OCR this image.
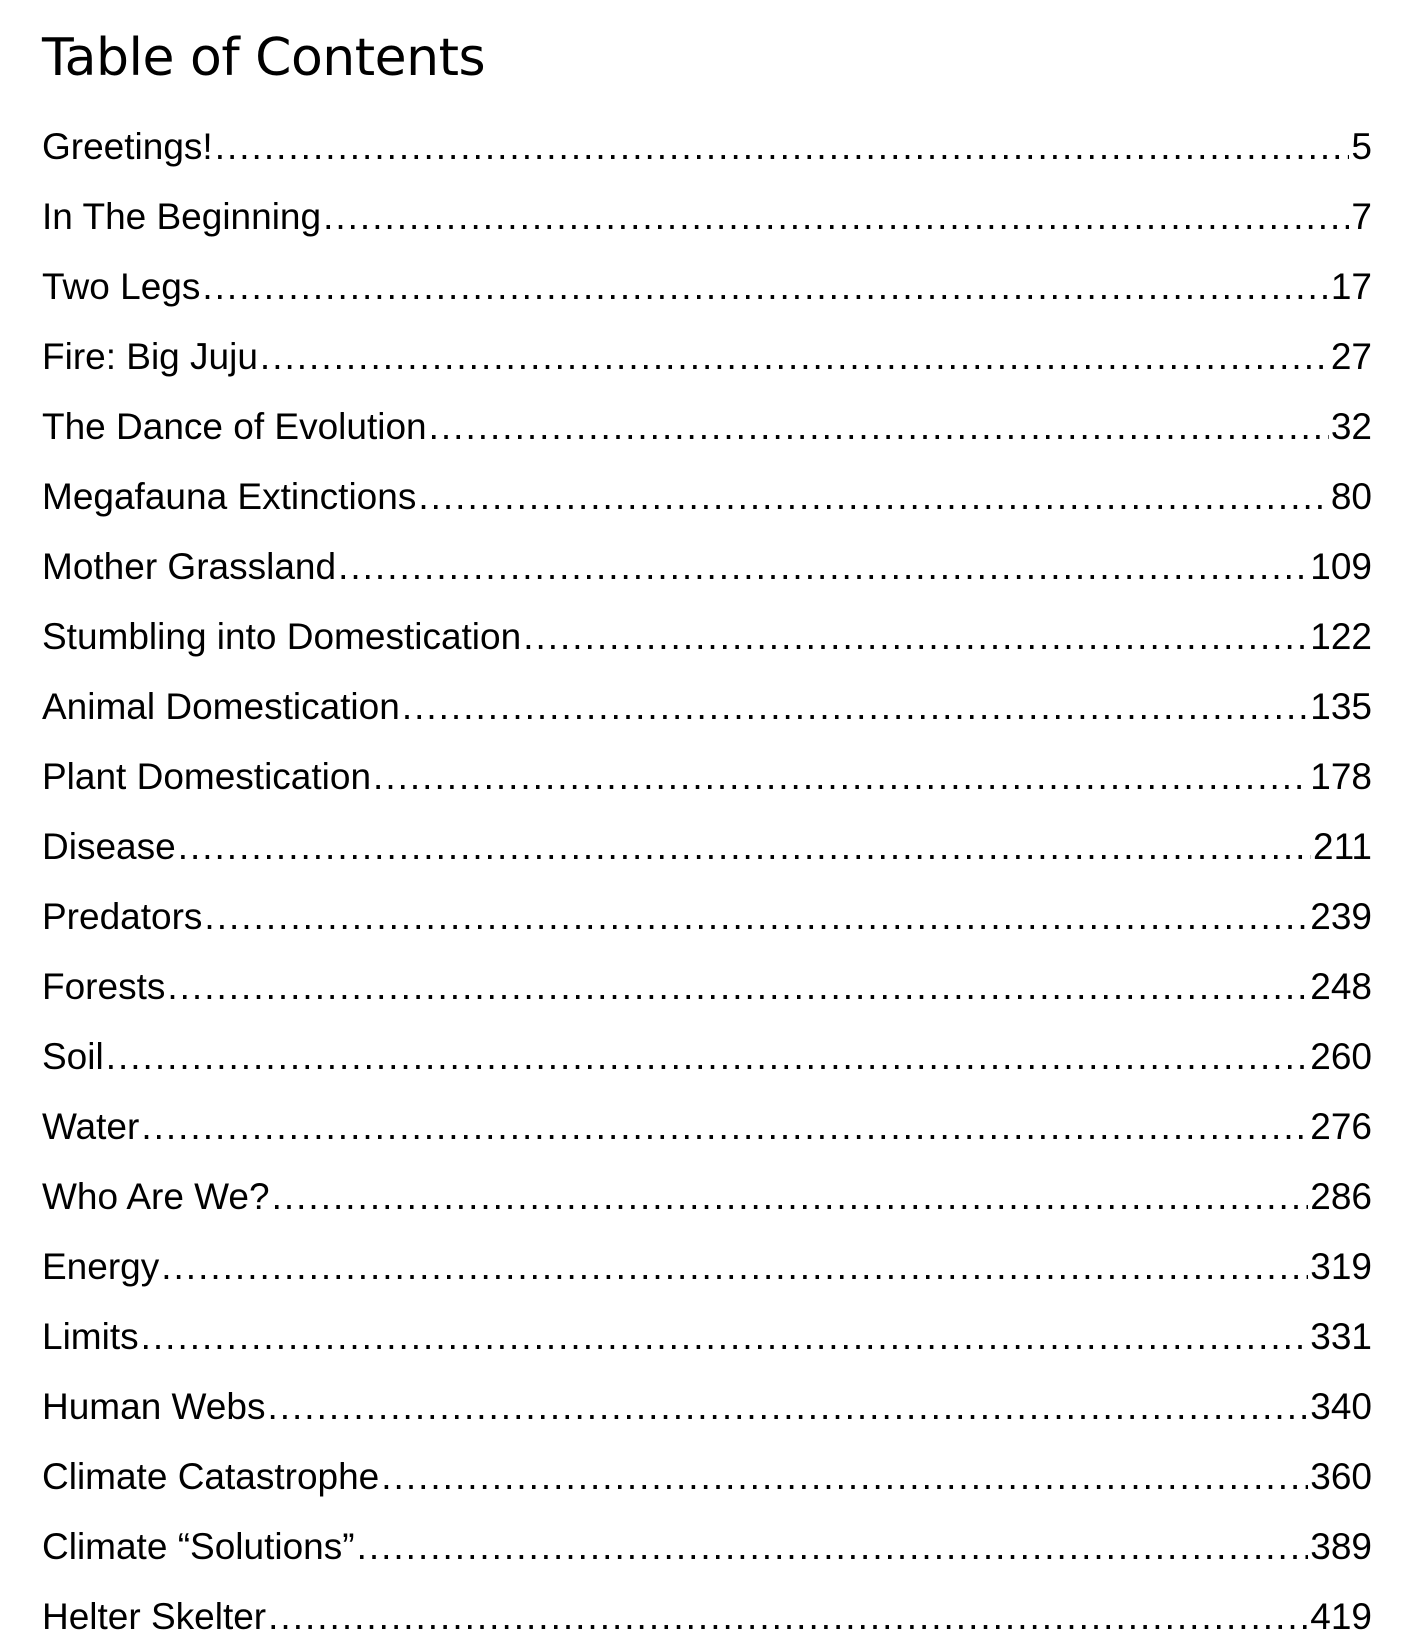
Table of Contents
Greetings! .....	5
In The Beginning .....	7
Two Legs .....	17
Fire: Big Juju .....	27
The Dance of Evolution .....	32
Megafauna Extinctions .....	80
Mother Grassland .....	109
Stumbling into Domestication .....	122
Animal Domestication .....	135
Plant Domestication .....	178
Disease .....	211
Predators .....	239
Forests .....	248
Soil .....	260
Water .....	276
Who Are We? .....	286
Energy .....	319
Limits .....	331
Human Webs .....	340
Climate Catastrophe .....	360
Climate “Solutions” .....	389
Helter Skelter .....	419
